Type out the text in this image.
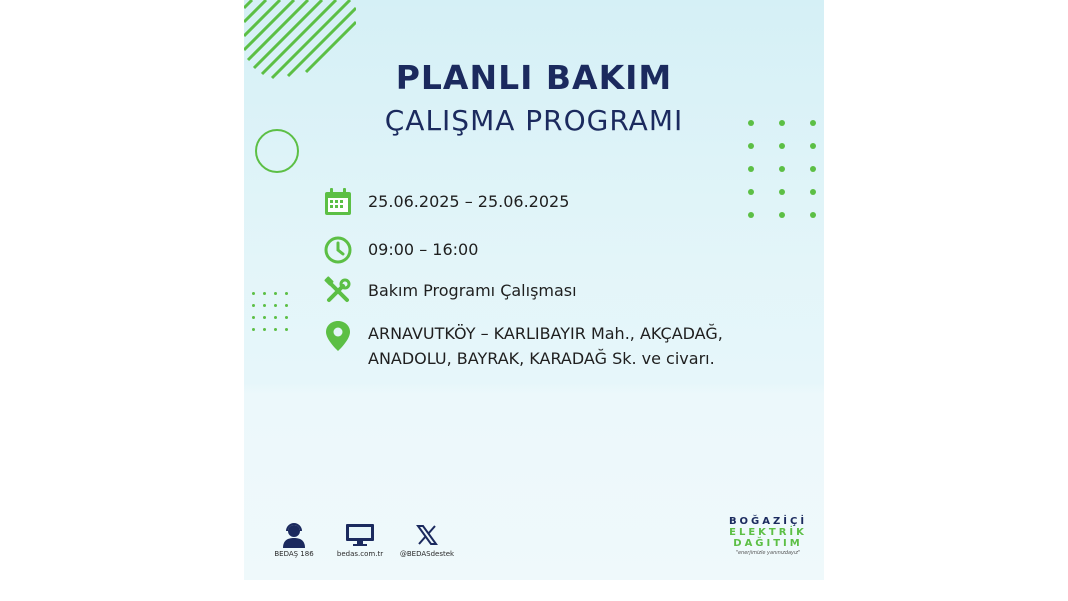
PLANLI BAKIM
ÇALIŞMA PROGRAMI
25.06.2025 – 25.06.2025
09:00 – 16:00
Bakım Programı Çalışması
ARNAVUTKÖY – KARLIBAYIR Mah., AKÇADAĞ,
ANADOLU, BAYRAK, KARADAĞ Sk. ve civarı.
BEDAŞ 186	bedas.com.tr	@BEDASdestek
BOĞAZİÇİ
ELEKTRİK
DAĞITIM
"enerjimizle yanınızdayız"
